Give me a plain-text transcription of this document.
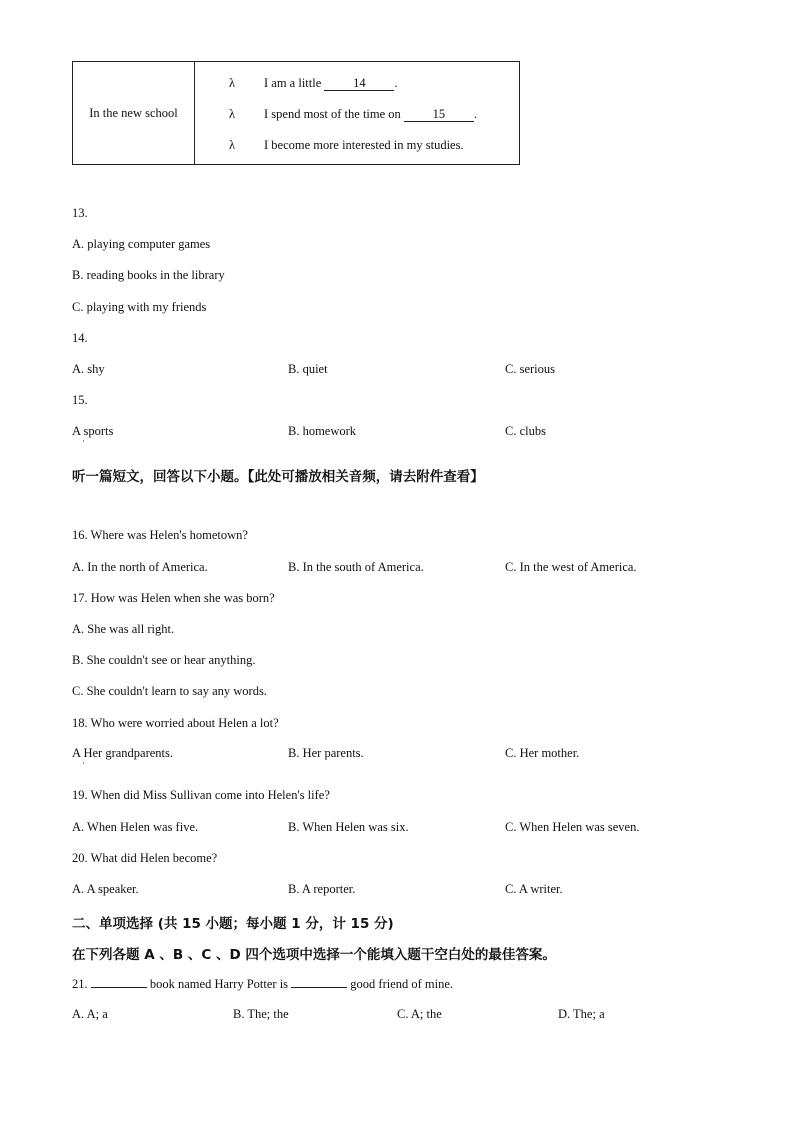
In the new school
λ I am a little 14 .
λ I spend most of the time on 15 .
λ I become more interested in my studies.
13.
A. playing computer games
B. reading books in the library
C. playing with my friends
14.
A. shy	B. quiet	C. serious
15.
A sports
·
B. homework	C. clubs
听一篇短文，回答以下小题。【此处可播放相关音频，请去附件查看】
16. Where was Helen's hometown?
A. In the north of America.	B. In the south of America.	C. In the west of America.
17. How was Helen when she was born?
A. She was all right.
B. She couldn't see or hear anything.
C. She couldn't learn to say any words.
18. Who were worried about Helen a lot?
A Her grandparents.
·
B. Her parents.	C. Her mother.
19. When did Miss Sullivan come into Helen's life?
A. When Helen was five.	B. When Helen was six.	C. When Helen was seven.
20. What did Helen become?
A. A speaker.	B. A reporter.	C. A writer.
二、单项选择 (共 15 小题；每小题 1 分，计 15 分)
在下列各题 A 、B 、C 、D 四个选项中选择一个能填入题干空白处的最佳答案。
21.	book named Harry Potter is	good friend of mine.
A. A; a	B. The; the	C. A; the	D. The; a
